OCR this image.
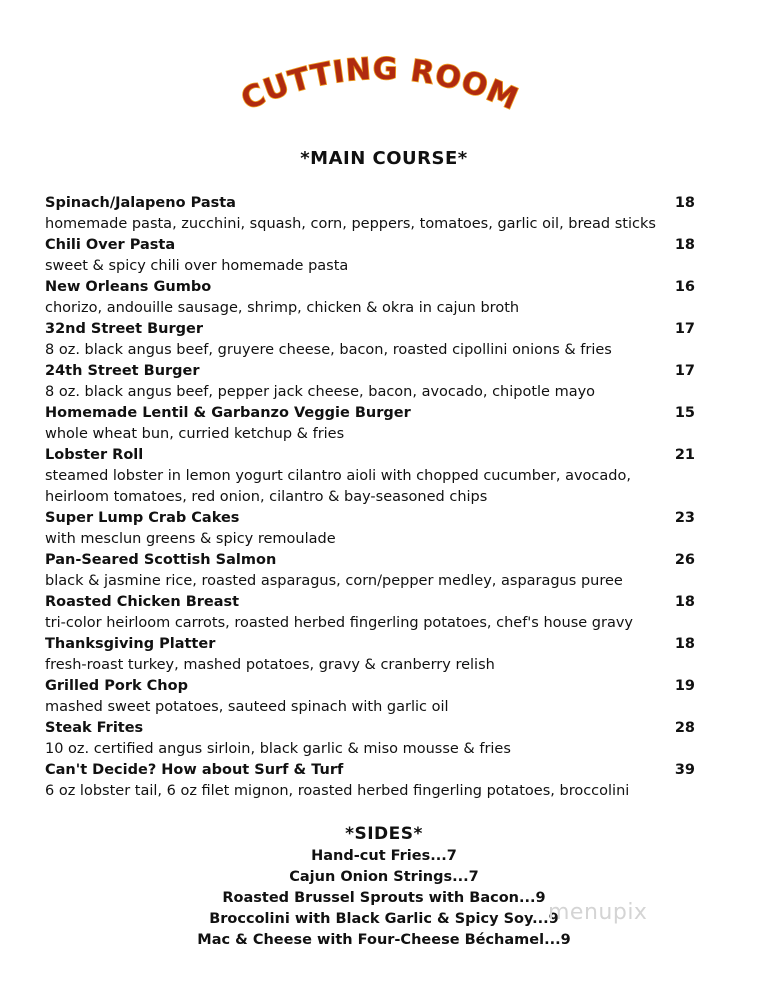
CUTTING ROOM
*MAIN COURSE*
Spinach/Jalapeno Pasta	18
homemade pasta, zucchini, squash, corn, peppers, tomatoes, garlic oil, bread sticks
Chili Over Pasta	18
sweet & spicy chili over homemade pasta
New Orleans Gumbo	16
chorizo, andouille sausage, shrimp, chicken & okra in cajun broth
32nd Street Burger	17
8 oz. black angus beef, gruyere cheese, bacon, roasted cipollini onions & fries
24th Street Burger	17
8 oz. black angus beef, pepper jack cheese, bacon, avocado, chipotle mayo
Homemade Lentil & Garbanzo Veggie Burger	15
whole wheat bun, curried ketchup & fries
Lobster Roll	21
steamed lobster in lemon yogurt cilantro aioli with chopped cucumber, avocado,
heirloom tomatoes, red onion, cilantro & bay-seasoned chips
Super Lump Crab Cakes	23
with mesclun greens & spicy remoulade
Pan-Seared Scottish Salmon	26
black & jasmine rice, roasted asparagus, corn/pepper medley, asparagus puree
Roasted Chicken Breast	18
tri-color heirloom carrots, roasted herbed fingerling potatoes, chef's house gravy
Thanksgiving Platter	18
fresh-roast turkey, mashed potatoes, gravy & cranberry relish
Grilled Pork Chop	19
mashed sweet potatoes, sauteed spinach with garlic oil
Steak Frites	28
10 oz. certified angus sirloin, black garlic & miso mousse & fries
Can't Decide? How about Surf & Turf	39
6 oz lobster tail, 6 oz filet mignon, roasted herbed fingerling potatoes, broccolini
*SIDES*
Hand-cut Fries...7
Cajun Onion Strings...7
Roasted Brussel Sprouts with Bacon...9
Broccolini with Black Garlic & Spicy Soy...9
Mac & Cheese with Four-Cheese Béchamel...9
menupix
